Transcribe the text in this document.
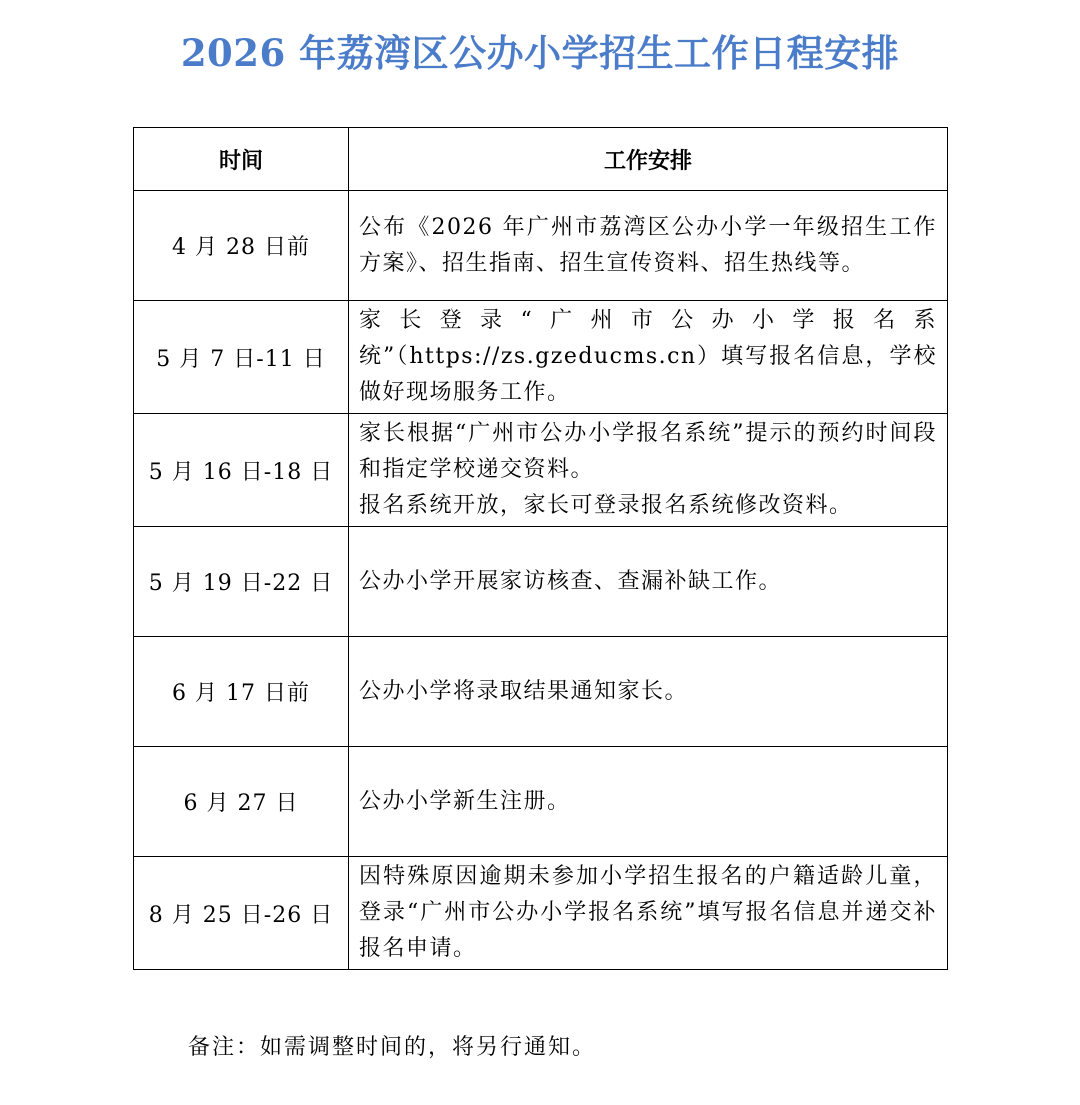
2026 年荔湾区公办小学招生工作日程安排
时间	工作安排
4 月 28 日前	公布《2026 年广州市荔湾区公办小学一年级招生工作方案》、招生指南、招生宣传资料、招生热线等。

5 月 7 日-11 日	家长登录“广州市公办小学报名系统”（https://zs.gzeducms.cn）填写报名信息，学校做好现场服务工作。

5 月 16 日-18 日	家长根据“广州市公办小学报名系统”提示的预约时间段和指定学校递交资料。
报名系统开放，家长可登录报名系统修改资料。

5 月 19 日-22 日	公办小学开展家访核查、查漏补缺工作。

6 月 17 日前	公办小学将录取结果通知家长。

6 月 27 日	公办小学新生注册。

8 月 25 日-26 日	因特殊原因逾期未参加小学招生报名的户籍适龄儿童，登录“广州市公办小学报名系统”填写报名信息并递交补报名申请。
备注：如需调整时间的，将另行通知。
